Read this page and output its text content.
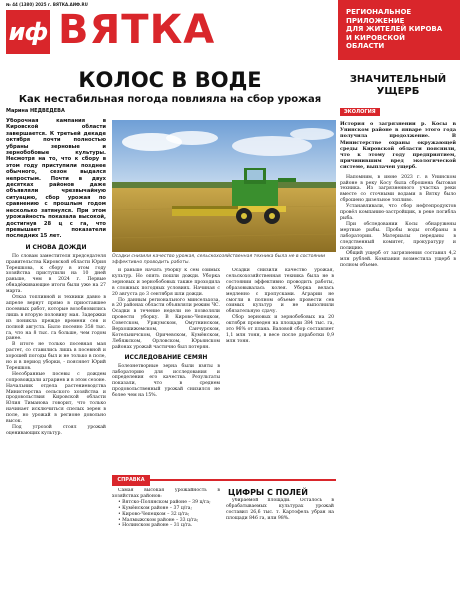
№ 44 (1380) 2025 г. ВЯТКА.АИФ.RU
иф ВЯТКА	РЕГИОНАЛЬНОЕ
ПРИЛОЖЕНИЕ
ДЛЯ ЖИТЕЛЕЙ КИРОВА
И КИРОВСКОЙ
ОБЛАСТИ
КОЛОС В ВОДЕ
Как нестабильная погода повлияла на сбор урожая
Марина НЕДВЕДЕВА

Уборочная кампания в Кировской области завершается. К третьей декаде октября почти полностью убраны зерновые и зернобобовые культуры. Несмотря на то, что к сбору в этом году приступили позднее обычного, сезон выдался непростым. Почти в двух десятках районов даже объявляли чрезвычайную ситуацию, сбор урожая по сравнению с прошлым годом несколько затянулся. При этом урожайность показала высокой, достигнув 28 ц с га, что превышает показатели последних 15 лет.

И СНОВА ДОЖДИ

По словам заместителя председателя правительства Кировской области Юрия Терешкова, к сбору в этом году хозяйства приступили на 10 дней раньше, чем в 2024 г. Первые обнадёживающие итоги были уже на 27 марта.

Отказ топливной и техники давно в апреле вернут прямо в приоставшее посевных работ, которые возобновились лишь в вторую половину мая. Задержки из поникла прежде времени сев и полной августа. Было посеяно 358 тыс. га, что на 8 тыс. га больше, чем годом ранее.

В итоге не только посевная мая растет, со ставились лишь в посевной и хорошей погоды был и не только в поле, но и в период уборки, - поясняет Юрий Терешков.

Несобранные посевы с дождем сопровождали аграриев и в этом сезоне. Начальник отдела растениеводства Министерства сельского хозяйства и продовольствия Кировской области Юлия Тиманова говорит, что только начинает исключиться спелых зерен в поле, но урожай в регионе довольно высок.

Под угрозой стоял урожай оценивающих культур.

Осадки снизили качество урожая, сельскохозяйственная техника была не в состоянии эффективно проводить работы.

и раньше начать уборку к сем озимых культур. Но опять пошли дожди. Уборка зерновых и зернобобовых также проходила в сложных погодных условиях. Начиная с 20 августа до 3 сентября шли дожди.

По данным регионального минсельхоза, в 20 районах области объявляли режим ЧС. Осадки в течение недели не позволяли провести уборку. В Кирово-Чепецком, Советском, Уржумском, Омутнинском, Верхошижемском, Санчурском, Котельничском, Оричевском, Кумёнском, Лебяжском, Орловском, Юрьянском районах урожай частично был потерян.

ИССЛЕДОВАНИЕ СЕМЯН

Болезнетворные зерна были взяты в лабораторию для исследования и определения его качества. Результаты показали, что в среднем продовольственный урожай снизился не более чем на 15%.

Осадки снизили качество урожая, сельскохозяйственная техника была не в состоянии эффективно проводить работы, образовывалась колея. Уборка велась медленно с пропусками. Аграрии не смогли в полном объеме провести сев озимых культур и не выполнили обязательную сдачу.

Сбор зерновых и зернобобовых на 20 октября проведен на площади 384 тыс. га, это 96% от плана. Валовой сбор составляет 1,1 млн тонн, в весе после доработки 0,9 млн тонн.

СПРАВКА
ЦИФРЫ С ПОЛЕЙ

Самая высокая урожайность в хозяйствах районов:

• Вятско-Полянском районе – 39 ц/га;

• Кумёнском районе – 37 ц/га;

• Кирово-Чепецком – 32 ц/га;

• Малмыжском районе – 33 ц/га;

• Нолинском районе – 31 ц/га.

убираемой площади. Осталось в обрабатываемых культурах урожай составил 26,6 тыс. т. Картофель убран на площади 846 га, или 98%.

ЗНАЧИТЕЛЬНЫЙ УЩЕРБ
ЭКОЛОГИЯ

История о загрязнении р. Косы в Унинском районе в январе этого года получила продолжение. В Министерстве охраны окружающей среды Кировской области пояснили, что к этому году предприятием, причинившим вред экологической системе, выплачен ущерб.

Напомним, в июне 2023 г. в Унинском районе в реку Косу была сброшена бытовая техника. Из загрязненного участка реки вместе со сточными водами в Вятку было сброшено дизельное топливо.

Устанавливали, что сбор нефтепродуктов провёл компанию-застройщик, в реке погибла рыба.

При обследовании Косы обнаружены мертвые рыбы. Пробы воды отобраны в лаборатории. Материалы переданы в следственный комитет, прокуратуру и полицию.

Общий ущерб от загрязнения составил 4,2 млн рублей. Компания возместила ущерб в полном объеме.
